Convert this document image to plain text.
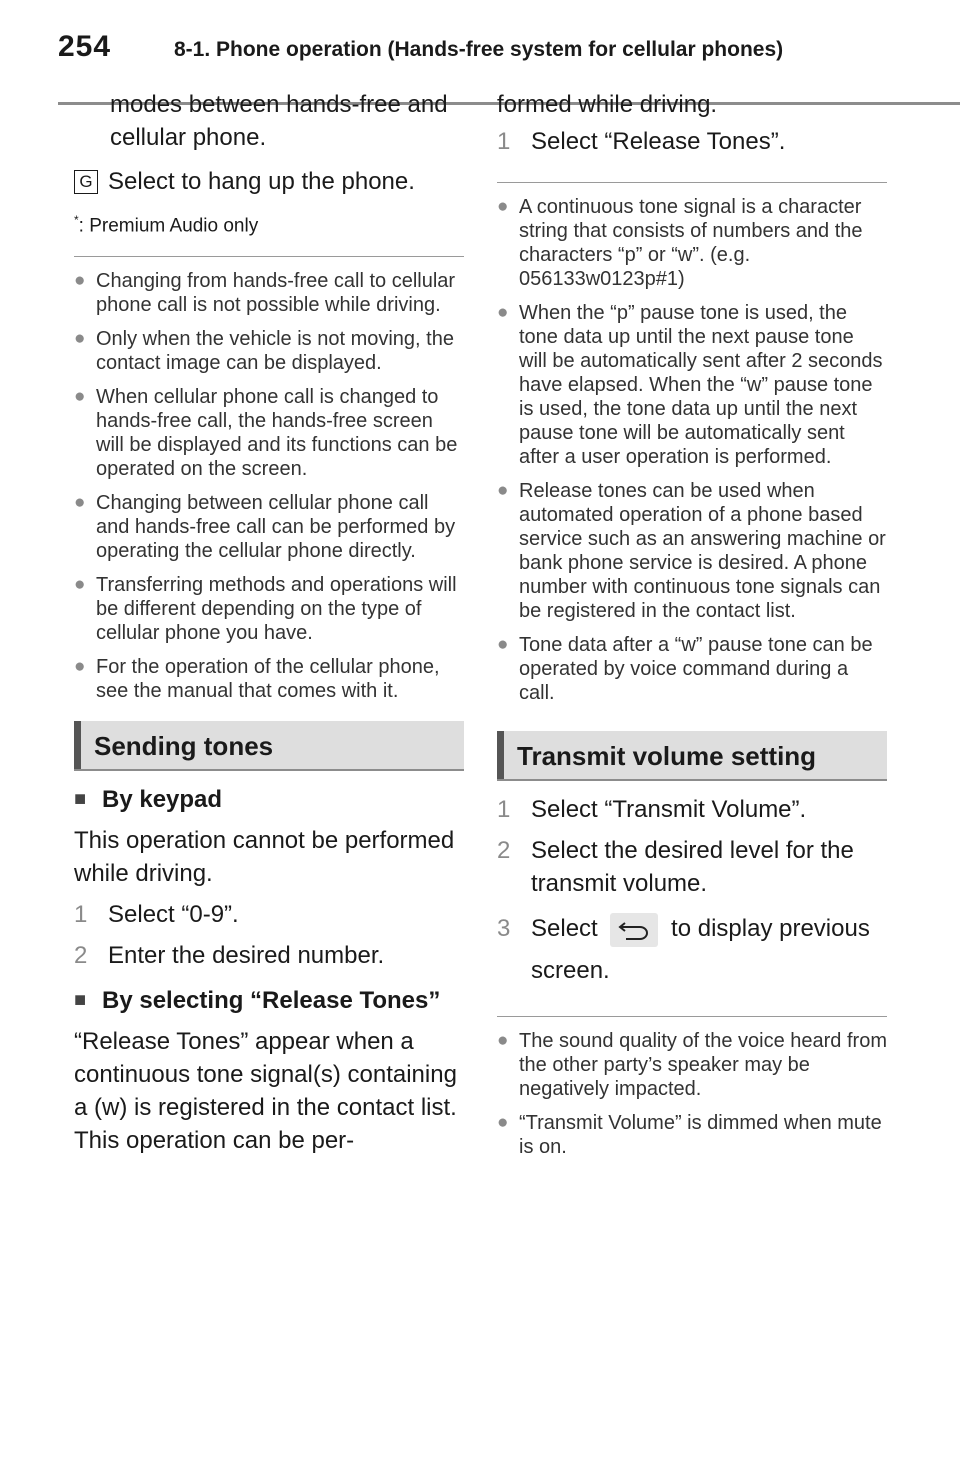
254	8-1. Phone operation (Hands-free system for cellular phones)
modes between hands-free and cellular phone.
G Select to hang up the phone.
*: Premium Audio only
● Changing from hands-free call to cellular phone call is not possible while driving.
● Only when the vehicle is not moving, the contact image can be displayed.
● When cellular phone call is changed to hands-free call, the hands-free screen will be displayed and its functions can be operated on the screen.
● Changing between cellular phone call and hands-free call can be performed by operating the cellular phone directly.
● Transferring methods and operations will be different depending on the type of cellular phone you have.
● For the operation of the cellular phone, see the manual that comes with it.
Sending tones
■ By keypad
This operation cannot be performed while driving.
1 Select “0-9”.
2 Enter the desired number.
■ By selecting “Release Tones”
“Release Tones” appear when a continuous tone signal(s) containing a (w) is registered in the contact list.
This operation can be per-
formed while driving.
1 Select “Release Tones”.
● A continuous tone signal is a character string that consists of numbers and the characters “p” or “w”. (e.g. 056133w0123p#1)
● When the “p” pause tone is used, the tone data up until the next pause tone will be automatically sent after 2 seconds have elapsed. When the “w” pause tone is used, the tone data up until the next pause tone will be automatically sent after a user operation is performed.
● Release tones can be used when automated operation of a phone based service such as an answering machine or bank phone service is desired. A phone number with continuous tone signals can be registered in the contact list.
● Tone data after a “w” pause tone can be operated by voice command during a call.
Transmit volume setting
1 Select “Transmit Volume”.
2 Select the desired level for the transmit volume.
3 Select	to display previous screen.
● The sound quality of the voice heard from the other party’s speaker may be negatively impacted.
● “Transmit Volume” is dimmed when mute is on.
